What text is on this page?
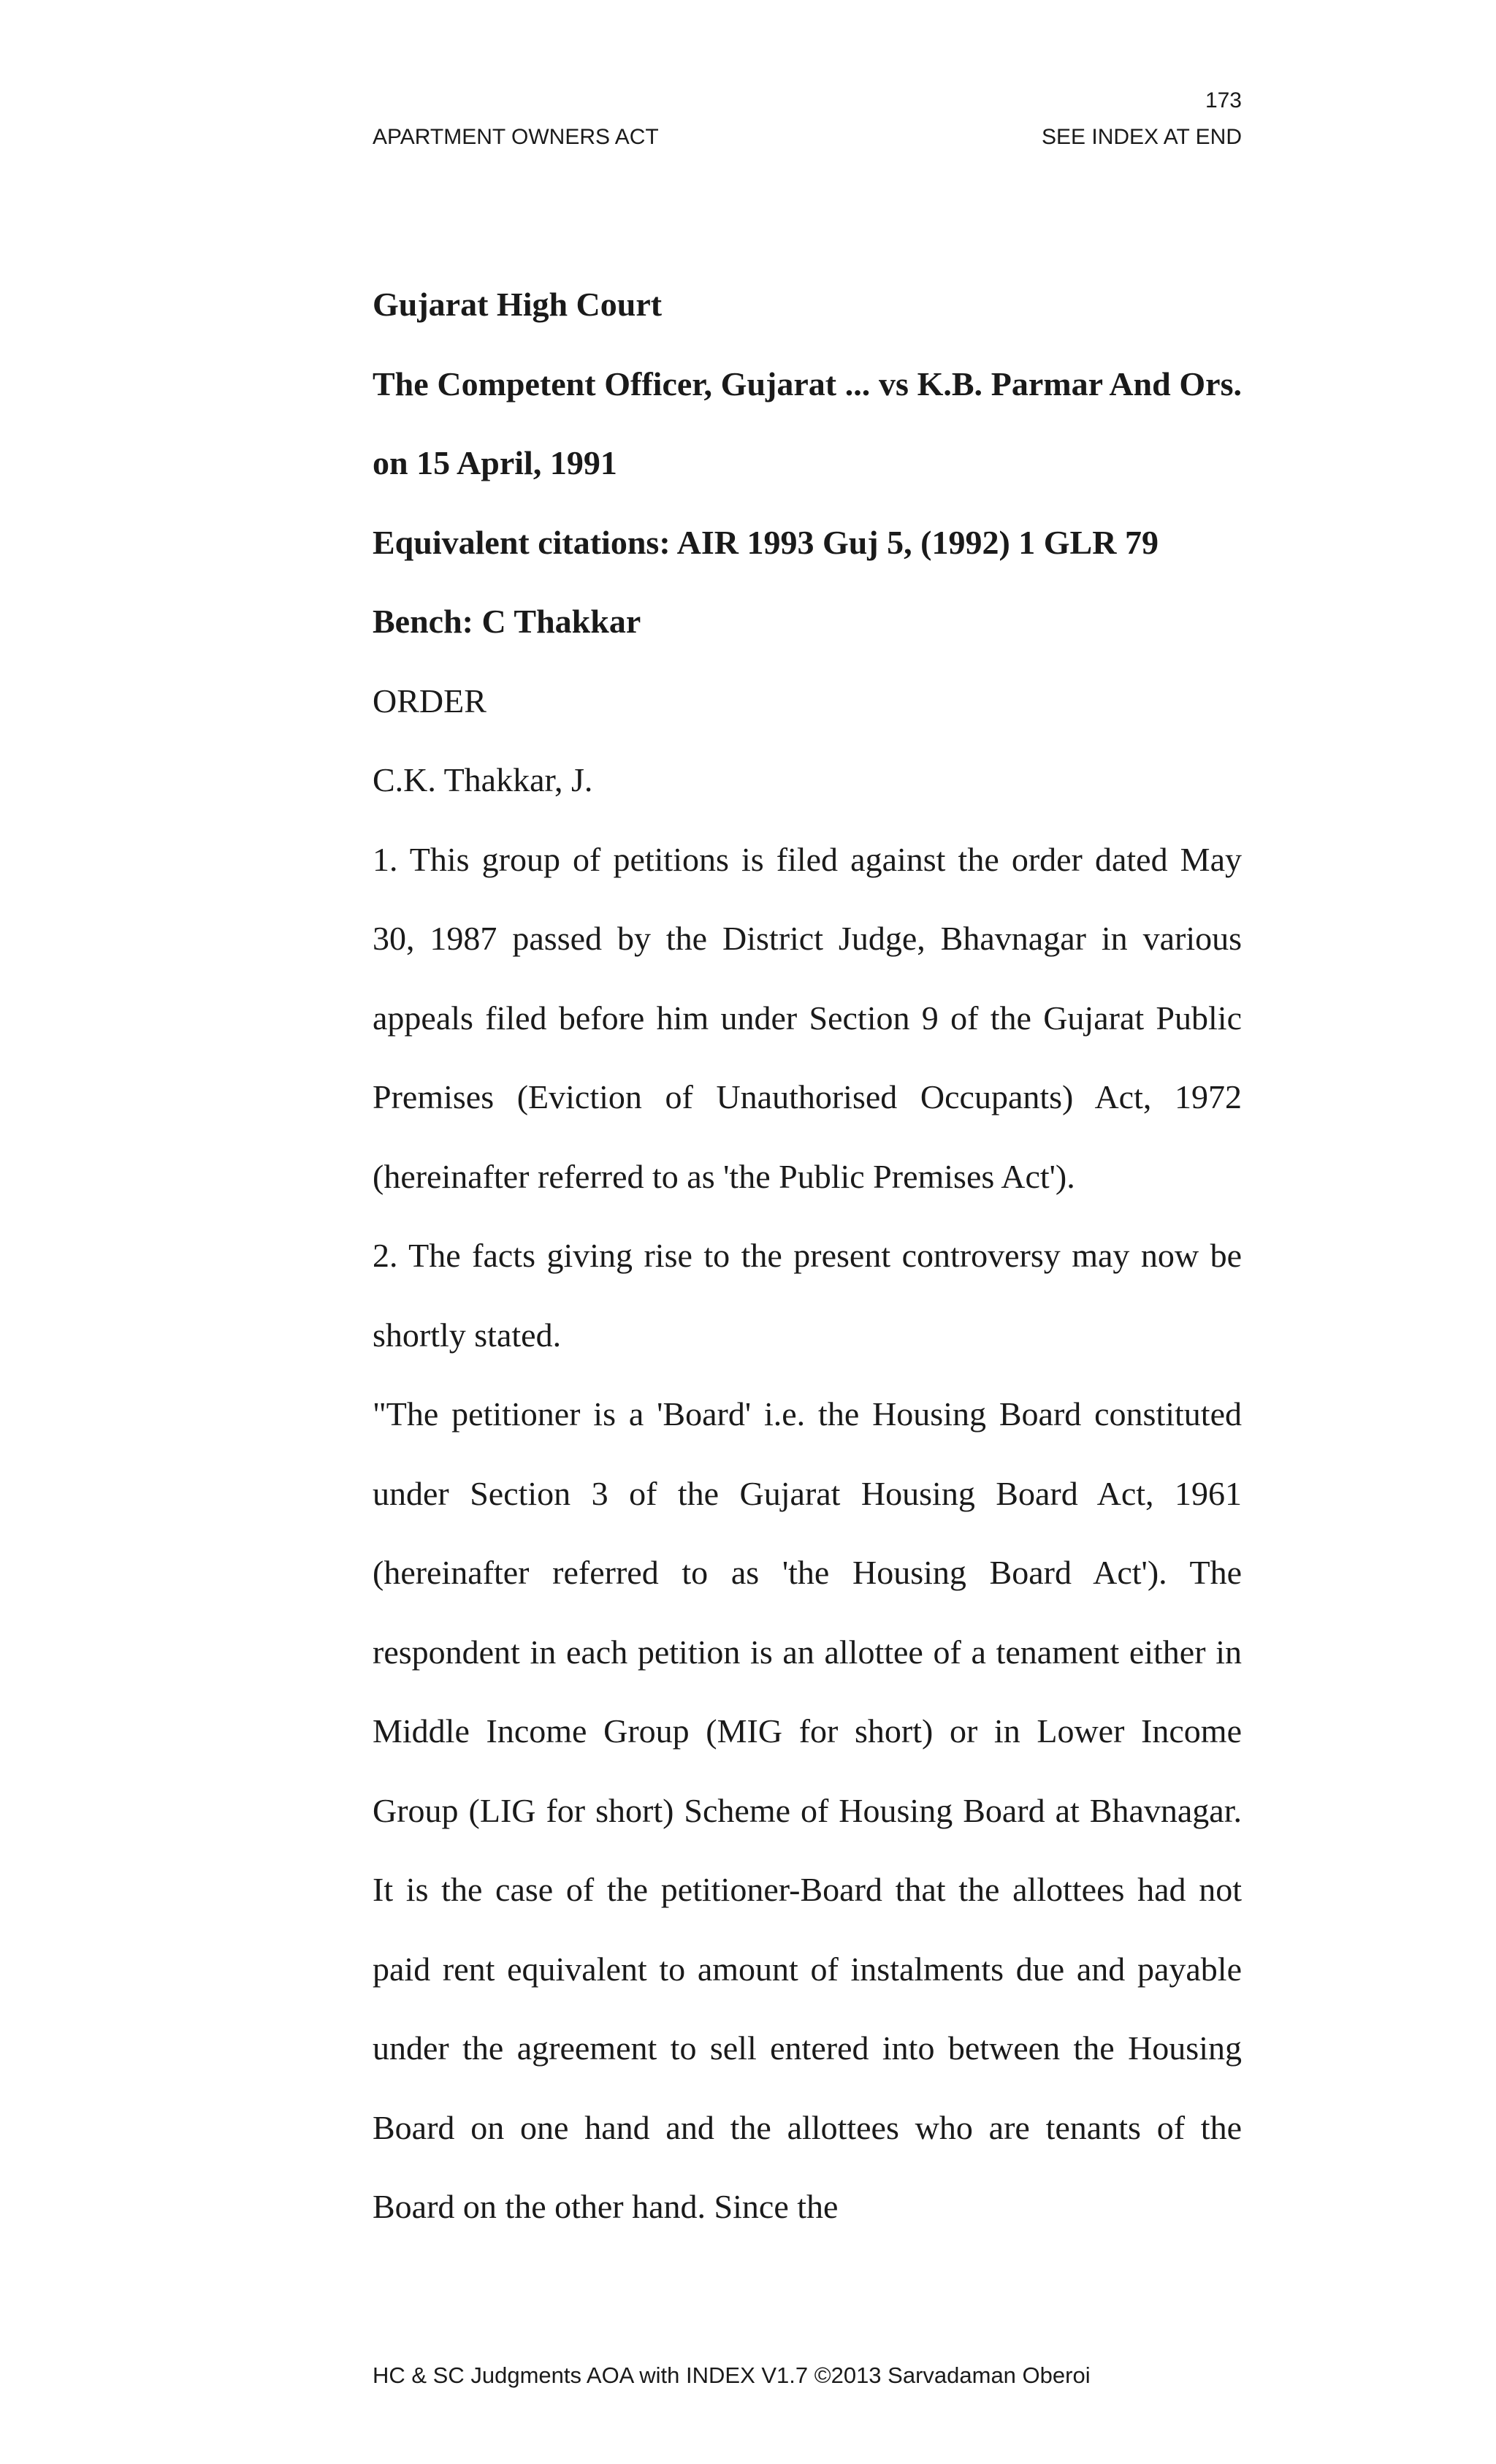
173
APARTMENT OWNERS ACT	SEE INDEX AT END

Gujarat High Court

The Competent Officer, Gujarat ... vs K.B. Parmar And Ors. on 15 April, 1991

Equivalent citations: AIR 1993 Guj 5, (1992) 1 GLR 79

Bench: C Thakkar

ORDER

C.K. Thakkar, J.

1. This group of petitions is filed against the order dated May 30, 1987 passed by the District Judge, Bhavnagar in various appeals filed before him under Section 9 of the Gujarat Public Premises (Eviction of Unauthorised Occupants) Act, 1972 (hereinafter referred to as 'the Public Premises Act').

2. The facts giving rise to the present controversy may now be shortly stated.

"The petitioner is a 'Board' i.e. the Housing Board constituted under Section 3 of the Gujarat Housing Board Act, 1961 (hereinafter referred to as 'the Housing Board Act'). The respondent in each petition is an allottee of a tenament either in Middle Income Group (MIG for short) or in Lower Income Group (LIG for short) Scheme of Housing Board at Bhavnagar. It is the case of the petitioner-Board that the allottees had not paid rent equivalent to amount of instalments due and payable under the agreement to sell entered into between the Housing Board on one hand and the allottees who are tenants of the Board on the other hand. Since the

HC & SC Judgments AOA with INDEX V1.7 ©2013 Sarvadaman Oberoi
